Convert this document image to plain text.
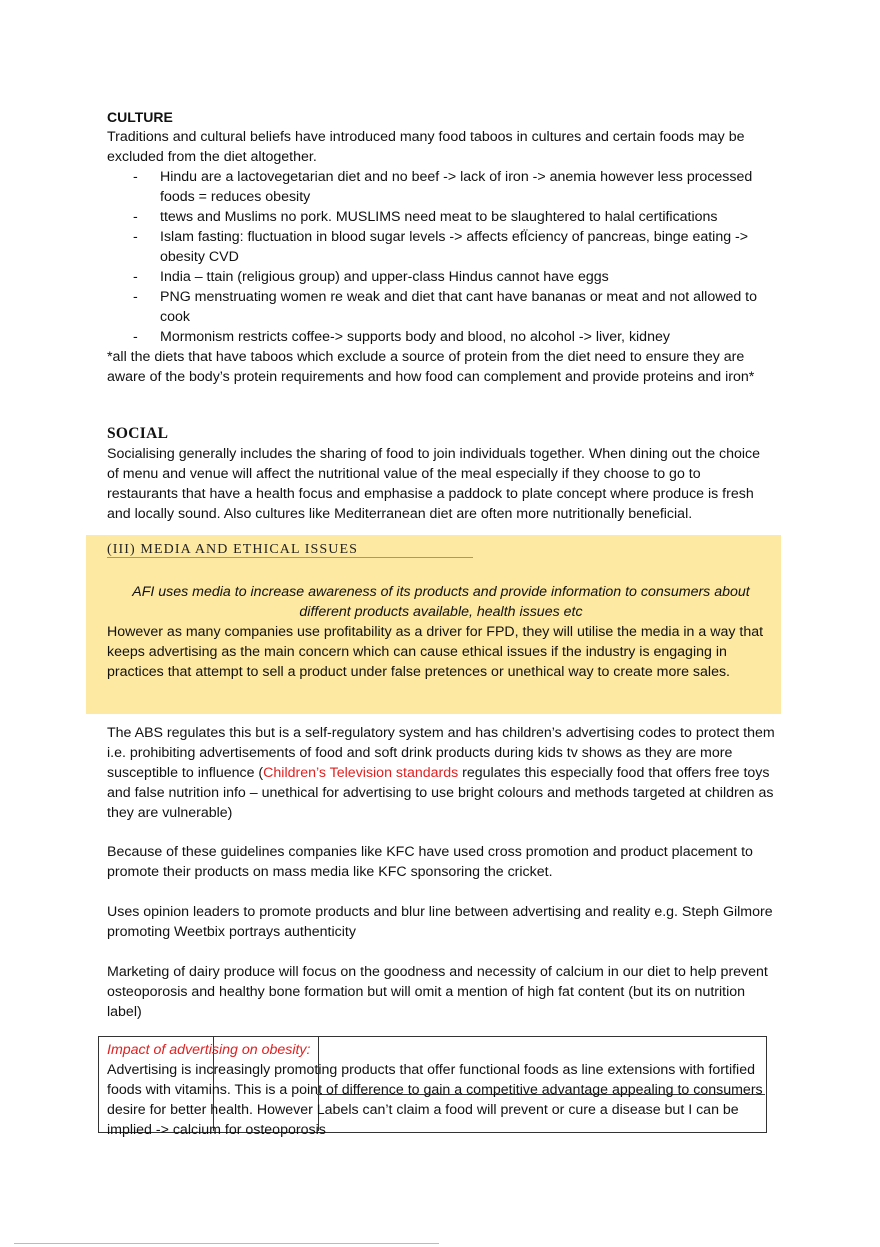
CULTURE

Traditions and cultural beliefs have introduced many food taboos in cultures and certain foods may be excluded from the diet altogether.

- Hindu are a lactovegetarian diet and no beef -> lack of iron -> anemia however less processed foods = reduces obesity
- ttews and Muslims no pork. MUSLIMS need meat to be slaughtered to halal certifications
- Islam fasting: fluctuation in blood sugar levels -> affects efÏciency of pancreas, binge eating -> obesity CVD
- India – ttain (religious group) and upper-class Hindus cannot have eggs
- PNG menstruating women re weak and diet that cant have bananas or meat and not allowed to cook
- Mormonism restricts coffee-> supports body and blood, no alcohol -> liver, kidney

*all the diets that have taboos which exclude a source of protein from the diet need to ensure they are aware of the body’s protein requirements and how food can complement and provide proteins and iron*

SOCIAL

Socialising generally includes the sharing of food to join individuals together. When dining out the choice of menu and venue will affect the nutritional value of the meal especially if they choose to go to restaurants that have a health focus and emphasise a paddock to plate concept where produce is fresh and locally sound. Also cultures like Mediterranean diet are often more nutritionally beneficial.

(III) MEDIA AND ETHICAL ISSUES

AFI uses media to increase awareness of its products and provide information to consumers about different products available, health issues etc

However as many companies use profitability as a driver for FPD, they will utilise the media in a way that keeps advertising as the main concern which can cause ethical issues if the industry is engaging in practices that attempt to sell a product under false pretences or unethical way to create more sales.

The ABS regulates this but is a self-regulatory system and has children’s advertising codes to protect them i.e. prohibiting advertisements of food and soft drink products during kids tv shows as they are more susceptible to influence (Children’s Television standards regulates this especially food that offers free toys and false nutrition info – unethical for advertising to use bright colours and methods targeted at children as they are vulnerable)

Because of these guidelines companies like KFC have used cross promotion and product placement to promote their products on mass media like KFC sponsoring the cricket.

Uses opinion leaders to promote products and blur line between advertising and reality e.g. Steph Gilmore promoting Weetbix portrays authenticity

Marketing of dairy produce will focus on the goodness and necessity of calcium in our diet to help prevent osteoporosis and healthy bone formation but will omit a mention of high fat content (but its on nutrition label)

Impact of advertising on obesity:

Advertising is increasingly promoting products that offer functional foods as line extensions with fortified foods with vitamins. This is a point of difference to gain a competitive advantage appealing to consumers desire for better health. However Labels can’t claim a food will prevent or cure a disease but I can be implied -> calcium for osteoporosis
